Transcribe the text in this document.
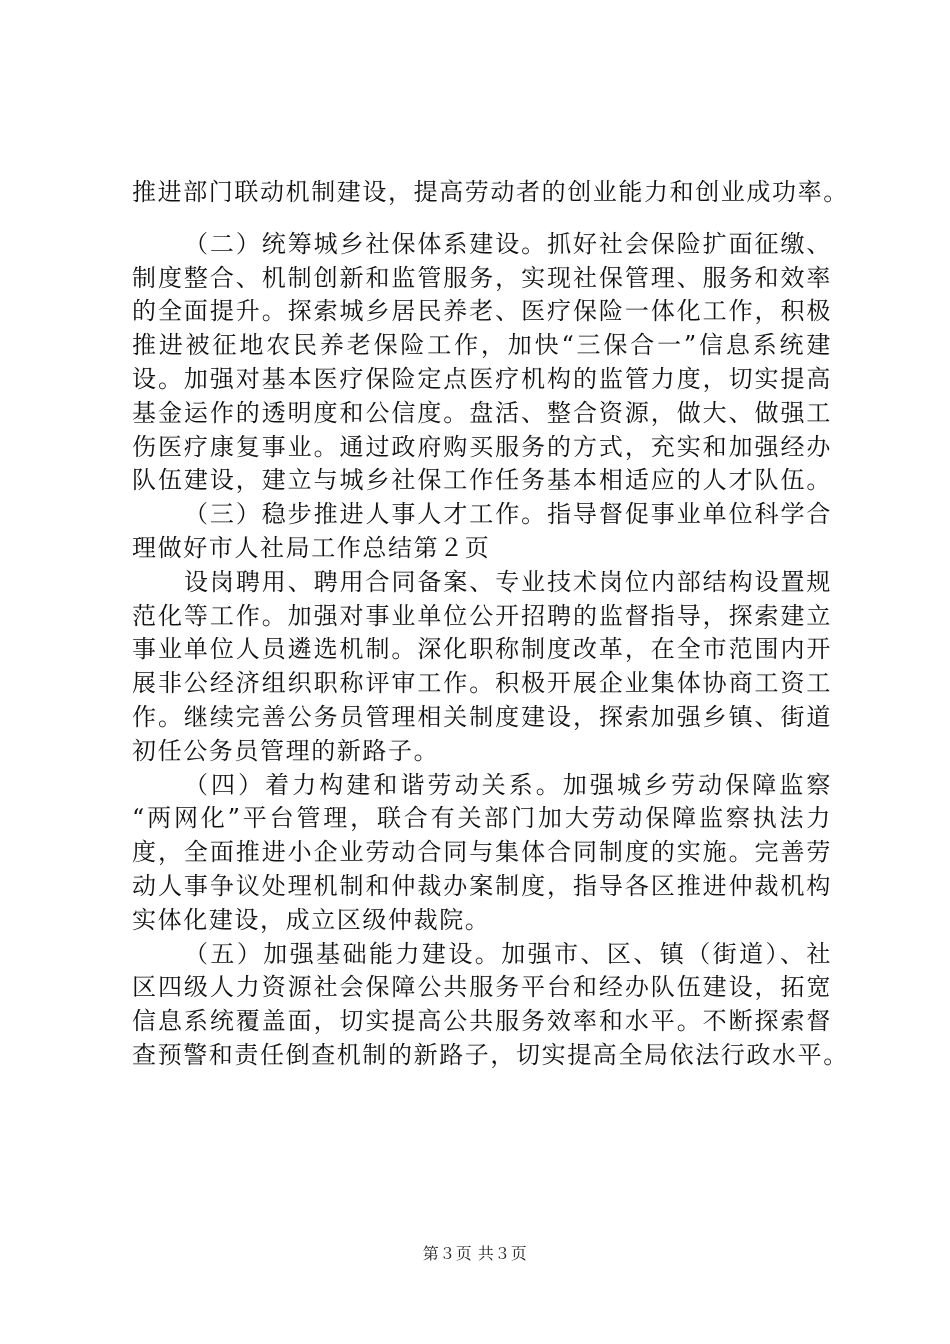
推进部门联动机制建设，提高劳动者的创业能力和创业成功率。
（二）统筹城乡社保体系建设。抓好社会保险扩面征缴、
制度整合、机制创新和监管服务，实现社保管理、服务和效率
的全面提升。探索城乡居民养老、医疗保险一体化工作，积极
推进被征地农民养老保险工作，加快“三保合一”信息系统建
设。加强对基本医疗保险定点医疗机构的监管力度，切实提高
基金运作的透明度和公信度。盘活、整合资源，做大、做强工
伤医疗康复事业。通过政府购买服务的方式，充实和加强经办
队伍建设，建立与城乡社保工作任务基本相适应的人才队伍。
（三）稳步推进人事人才工作。指导督促事业单位科学合
理做好市人社局工作总结第２页
设岗聘用、聘用合同备案、专业技术岗位内部结构设置规
范化等工作。加强对事业单位公开招聘的监督指导，探索建立
事业单位人员遴选机制。深化职称制度改革，在全市范围内开
展非公经济组织职称评审工作。积极开展企业集体协商工资工
作。继续完善公务员管理相关制度建设，探索加强乡镇、街道
初任公务员管理的新路子。
（四）着力构建和谐劳动关系。加强城乡劳动保障监察
“两网化”平台管理，联合有关部门加大劳动保障监察执法力
度，全面推进小企业劳动合同与集体合同制度的实施。完善劳
动人事争议处理机制和仲裁办案制度，指导各区推进仲裁机构
实体化建设，成立区级仲裁院。
（五）加强基础能力建设。加强市、区、镇（街道）、社
区四级人力资源社会保障公共服务平台和经办队伍建设，拓宽
信息系统覆盖面，切实提高公共服务效率和水平。不断探索督
查预警和责任倒查机制的新路子，切实提高全局依法行政水平。
第３页 共３页
